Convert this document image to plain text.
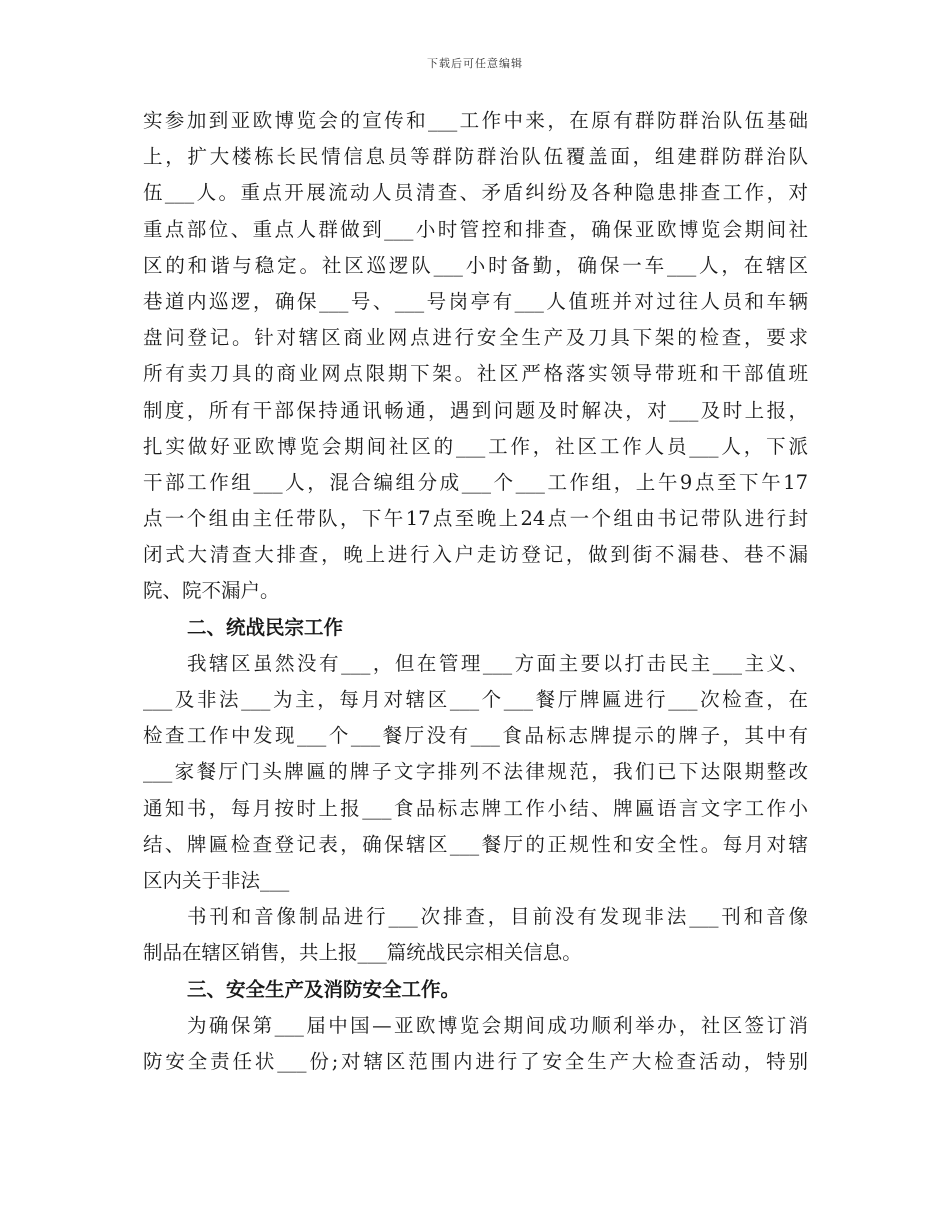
下载后可任意编辑
实参加到亚欧博览会的宣传和___工作中来，在原有群防群治队伍基础
上，扩大楼栋长民情信息员等群防群治队伍覆盖面，组建群防群治队
伍___人。重点开展流动人员清查、矛盾纠纷及各种隐患排查工作，对
重点部位、重点人群做到___小时管控和排查，确保亚欧博览会期间社
区的和谐与稳定。社区巡逻队___小时备勤，确保一车___人，在辖区
巷道内巡逻，确保___号、___号岗亭有___人值班并对过往人员和车辆
盘问登记。针对辖区商业网点进行安全生产及刀具下架的检查，要求
所有卖刀具的商业网点限期下架。社区严格落实领导带班和干部值班
制度，所有干部保持通讯畅通，遇到问题及时解决，对___及时上报，
扎实做好亚欧博览会期间社区的___工作，社区工作人员___人，下派
干部工作组___人，混合编组分成___个___工作组，上午9点至下午17
点一个组由主任带队，下午17点至晚上24点一个组由书记带队进行封
闭式大清查大排查，晚上进行入户走访登记，做到街不漏巷、巷不漏
院、院不漏户。
二、统战民宗工作
我辖区虽然没有___，但在管理___方面主要以打击民主___主义、
___及非法___为主，每月对辖区___个___餐厅牌匾进行___次检查，在
检查工作中发现___个___餐厅没有___食品标志牌提示的牌子，其中有
___家餐厅门头牌匾的牌子文字排列不法律规范，我们已下达限期整改
通知书，每月按时上报___食品标志牌工作小结、牌匾语言文字工作小
结、牌匾检查登记表，确保辖区___餐厅的正规性和安全性。每月对辖
区内关于非法___
书刊和音像制品进行___次排查，目前没有发现非法___刊和音像
制品在辖区销售，共上报___篇统战民宗相关信息。
三、安全生产及消防安全工作。
为确保第___届中国—亚欧博览会期间成功顺利举办，社区签订消
防安全责任状___份;对辖区范围内进行了安全生产大检查活动，特别
